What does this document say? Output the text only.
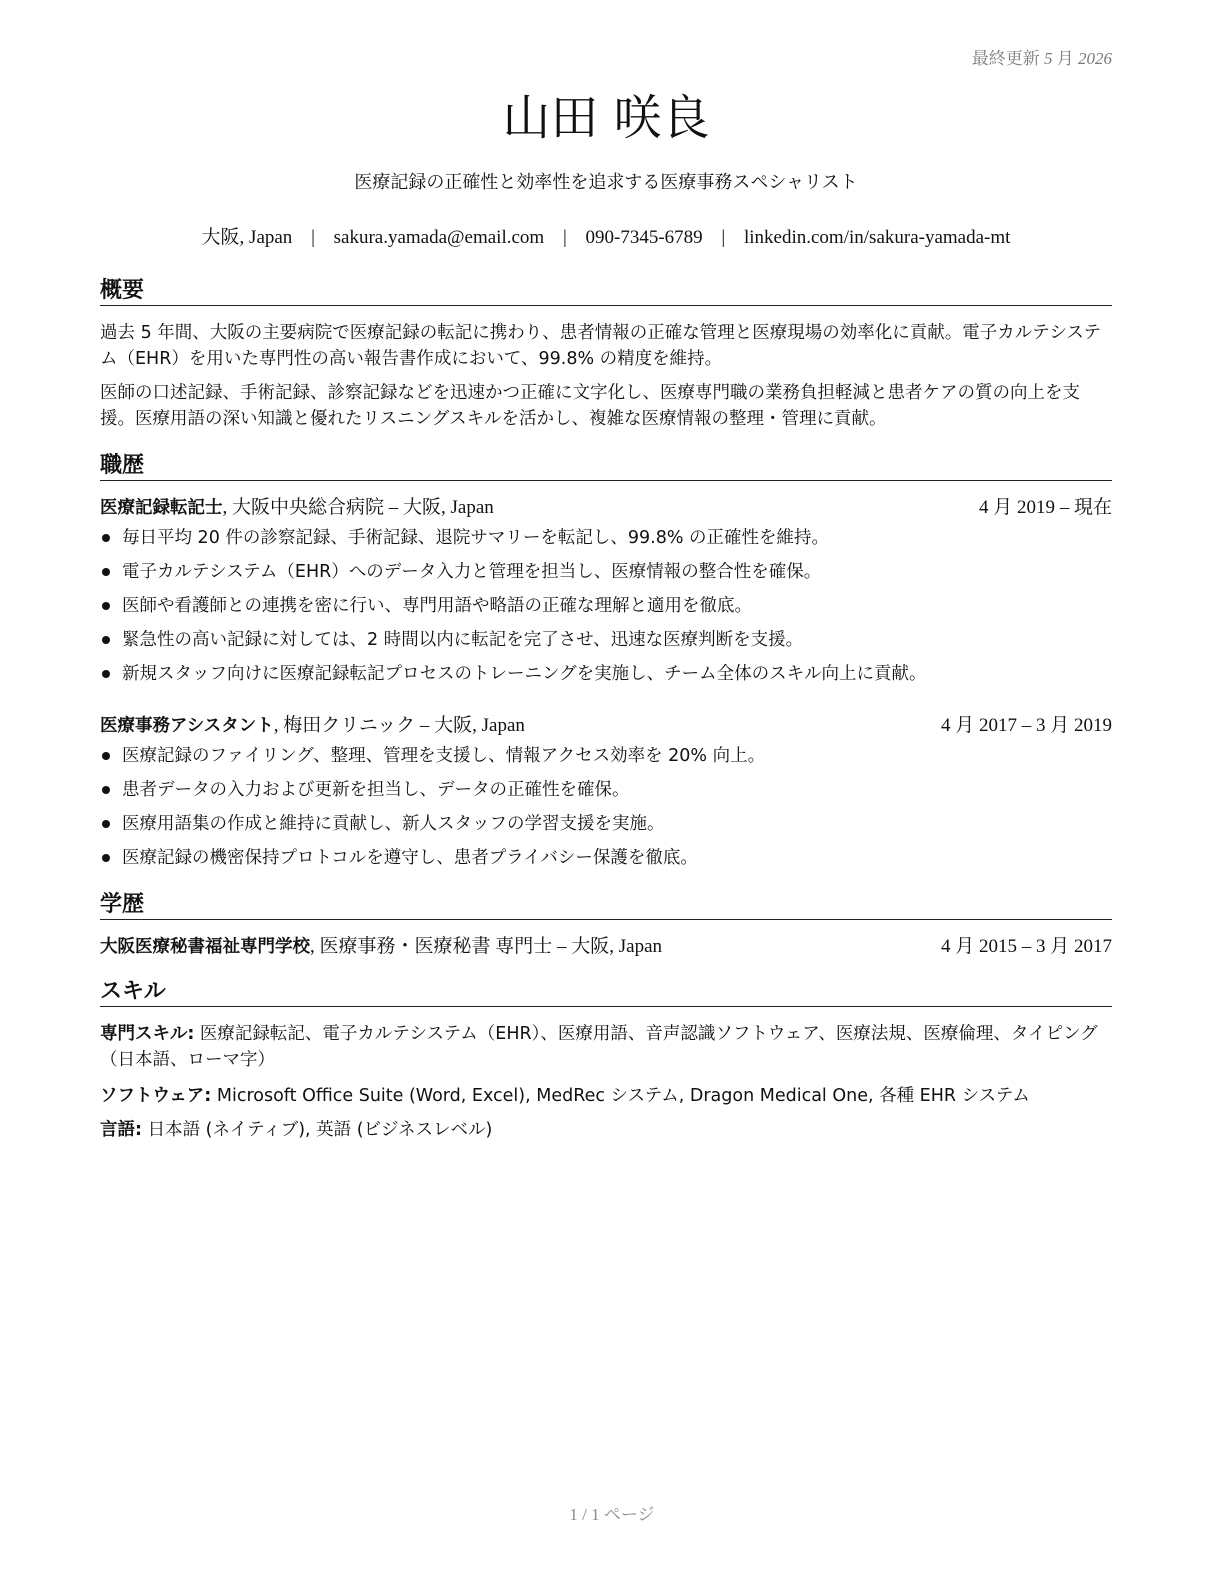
最終更新 5 月 2026
山田 咲良
医療記録の正確性と効率性を追求する医療事務スペシャリスト
大阪, Japan | sakura.yamada@email.com | 090-7345-6789 | linkedin.com/in/sakura-yamada-mt
概要

過去 5 年間、大阪の主要病院で医療記録の転記に携わり、患者情報の正確な管理と医療現場の効率化に貢献。電子カルテシステム（EHR）を用いた専門性の高い報告書作成において、99.8% の精度を維持。

医師の口述記録、手術記録、診察記録などを迅速かつ正確に文字化し、医療専門職の業務負担軽減と患者ケアの質の向上を支援。医療用語の深い知識と優れたリスニングスキルを活かし、複雑な医療情報の整理・管理に貢献。

職歴
医療記録転記士, 大阪中央総合病院 – 大阪, Japan	4 月 2019 – 現在
毎日平均 20 件の診察記録、手術記録、退院サマリーを転記し、99.8% の正確性を維持。
電子カルテシステム（EHR）へのデータ入力と管理を担当し、医療情報の整合性を確保。
医師や看護師との連携を密に行い、専門用語や略語の正確な理解と適用を徹底。
緊急性の高い記録に対しては、2 時間以内に転記を完了させ、迅速な医療判断を支援。
新規スタッフ向けに医療記録転記プロセスのトレーニングを実施し、チーム全体のスキル向上に貢献。
医療事務アシスタント, 梅田クリニック – 大阪, Japan	4 月 2017 – 3 月 2019
医療記録のファイリング、整理、管理を支援し、情報アクセス効率を 20% 向上。
患者データの入力および更新を担当し、データの正確性を確保。
医療用語集の作成と維持に貢献し、新人スタッフの学習支援を実施。
医療記録の機密保持プロトコルを遵守し、患者プライバシー保護を徹底。
学歴
大阪医療秘書福祉専門学校, 医療事務・医療秘書 専門士 – 大阪, Japan	4 月 2015 – 3 月 2017
スキル

専門スキル: 医療記録転記、電子カルテシステム（EHR）、医療用語、音声認識ソフトウェア、医療法規、医療倫理、タイピング（日本語、ローマ字）

ソフトウェア: Microsoft Office Suite (Word, Excel), MedRec システム, Dragon Medical One, 各種 EHR システム

言語: 日本語 (ネイティブ), 英語 (ビジネスレベル)

1 / 1 ページ
